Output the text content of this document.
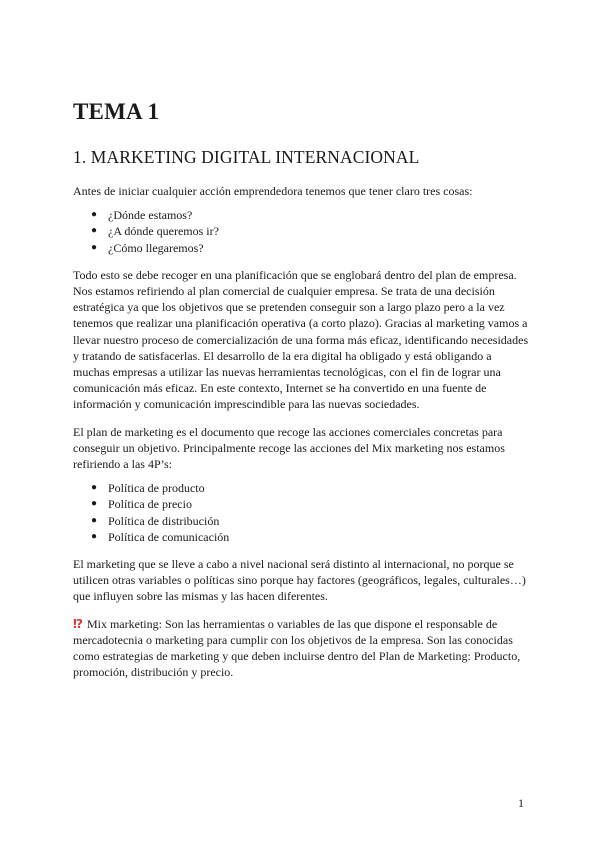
TEMA 1
1. MARKETING DIGITAL INTERNACIONAL

Antes de iniciar cualquier acción emprendedora tenemos que tener claro tres cosas:

● ¿Dónde estamos?
● ¿A dónde queremos ir?
● ¿Cómo llegaremos?

Todo esto se debe recoger en una planificación que se englobará dentro del plan de empresa. Nos estamos refiriendo al plan comercial de cualquier empresa. Se trata de una decisión estratégica ya que los objetivos que se pretenden conseguir son a largo plazo pero a la vez tenemos que realizar una planificación operativa (a corto plazo). Gracias al marketing vamos a llevar nuestro proceso de comercialización de una forma más eficaz, identificando necesidades y tratando de satisfacerlas. El desarrollo de la era digital ha obligado y está obligando a muchas empresas a utilizar las nuevas herramientas tecnológicas, con el fin de lograr una comunicación más eficaz. En este contexto, Internet se ha convertido en una fuente de información y comunicación imprescindible para las nuevas sociedades.

El plan de marketing es el documento que recoge las acciones comerciales concretas para conseguir un objetivo. Principalmente recoge las acciones del Mix marketing nos estamos refiriendo a las 4P’s:

● Política de producto
● Política de precio
● Política de distribución
● Política de comunicación

El marketing que se lleve a cabo a nivel nacional será distinto al internacional, no porque se utilicen otras variables o políticas sino porque hay factores (geográficos, legales, culturales…) que influyen sobre las mismas y las hacen diferentes.

⁉ Mix marketing: Son las herramientas o variables de las que dispone el responsable de mercadotecnia o marketing para cumplir con los objetivos de la empresa. Son las conocidas como estrategias de marketing y que deben incluirse dentro del Plan de Marketing: Producto, promoción, distribución y precio.

1
